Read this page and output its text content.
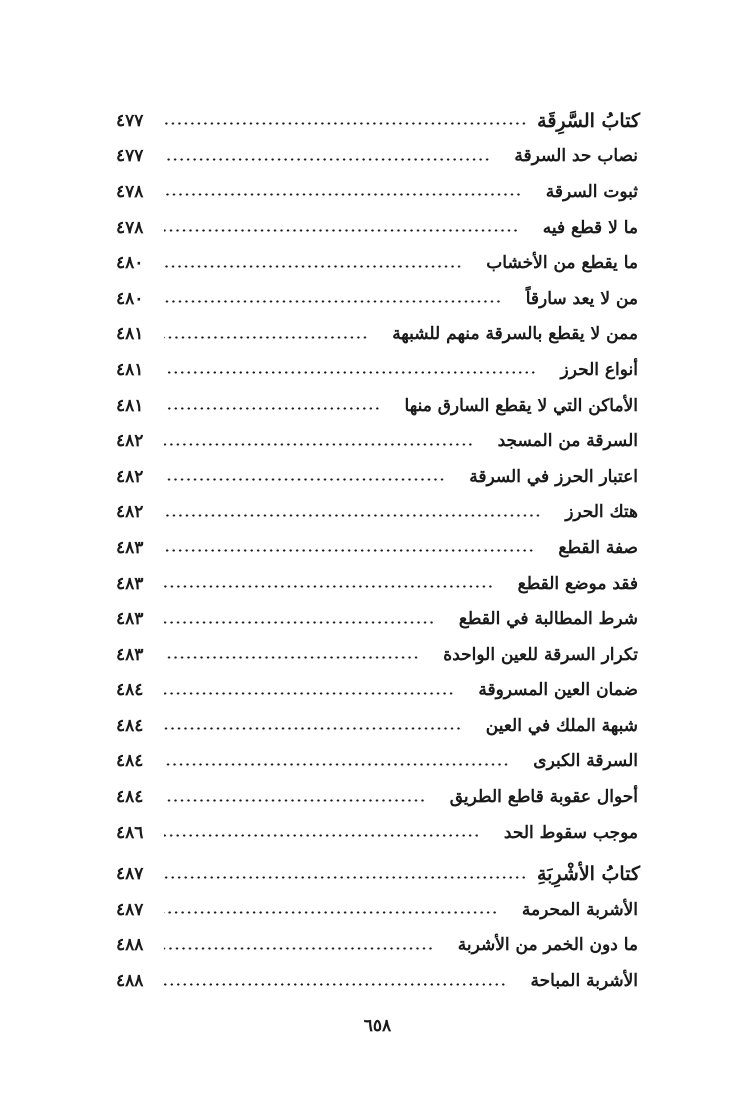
كتابُ السَّرِقَة
٤٧٧
نصاب حد السرقة
٤٧٧
ثبوت السرقة
٤٧٨
ما لا قطع فيه
٤٧٨
ما يقطع من الأخشاب
٤٨٠
من لا يعد سارقاً
٤٨٠
ممن لا يقطع بالسرقة منهم للشبهة
٤٨١
أنواع الحرز
٤٨١
الأماكن التي لا يقطع السارق منها
٤٨١
السرقة من المسجد
٤٨٢
اعتبار الحرز في السرقة
٤٨٢
هتك الحرز
٤٨٢
صفة القطع
٤٨٣
فقد موضع القطع
٤٨٣
شرط المطالبة في القطع
٤٨٣
تكرار السرقة للعين الواحدة
٤٨٣
ضمان العين المسروقة
٤٨٤
شبهة الملك في العين
٤٨٤
السرقة الكبرى
٤٨٤
أحوال عقوبة قاطع الطريق
٤٨٤
موجب سقوط الحد
٤٨٦
كتابُ الأشْرِبَةِ
٤٨٧
الأشربة المحرمة
٤٨٧
ما دون الخمر من الأشربة
٤٨٨
الأشربة المباحة
٤٨٨
٦٥٨
